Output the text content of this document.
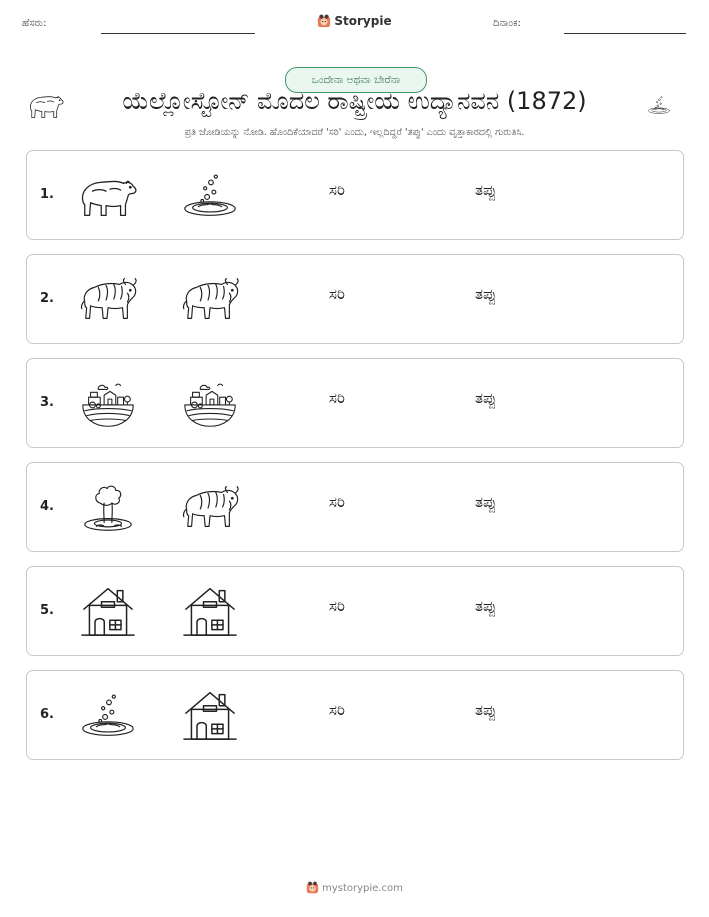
ಹೆಸರು:	Storypie	ದಿನಾಂಕ:
ಒಂದೇನಾ ಅಥವಾ ಬೇರೆನಾ
ಯೆಲ್ಲೋಸ್ಟೋನ್ ಮೊದಲ ರಾಷ್ಟ್ರೀಯ ಉದ್ಯಾನವನ (1872)
ಪ್ರತಿ ಜೋಡಿಯನ್ನು ನೋಡಿ. ಹೊಂದಿಕೆಯಾದರೆ 'ಸರಿ' ಎಂದು, ಇಲ್ಲದಿದ್ದರೆ 'ತಪ್ಪು' ಎಂದು ವೃತ್ತಾಕಾರದಲ್ಲಿ ಗುರುತಿಸಿ.
1.	ಸರಿ	ತಪ್ಪು
2.	ಸರಿ	ತಪ್ಪು
3.	ಸರಿ	ತಪ್ಪು
4.	ಸರಿ	ತಪ್ಪು
5.	ಸರಿ	ತಪ್ಪು
6.	ಸರಿ	ತಪ್ಪು
mystorypie.com
